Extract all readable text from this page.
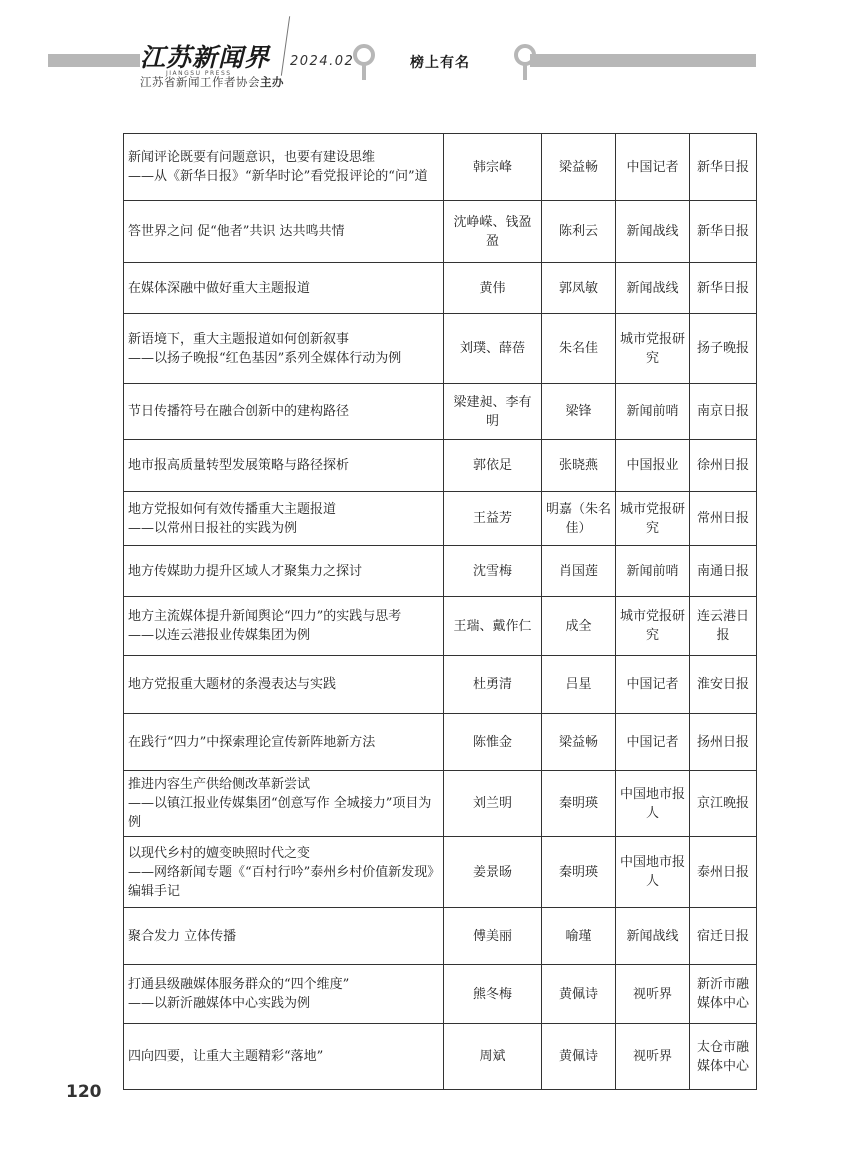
江苏新闻界
JIANGSU PRESS
江苏省新闻工作者协会主办
2024.02	榜上有名
新闻评论既要有问题意识，也要有建设思维
——从《新华日报》“新华时论”看党报评论的“问”道	韩宗峰	梁益畅	中国记者	新华日报

答世界之问 促“他者”共识 达共鸣共情	沈峥嵘、钱盈盈	陈利云	新闻战线	新华日报

在媒体深融中做好重大主题报道	黄伟	郭凤敏	新闻战线	新华日报

新语境下，重大主题报道如何创新叙事
——以扬子晚报“红色基因”系列全媒体行动为例	刘璞、薛蓓	朱名佳	城市党报研究	扬子晚报

节日传播符号在融合创新中的建构路径	梁建昶、李有明	梁锋	新闻前哨	南京日报

地市报高质量转型发展策略与路径探析	郭依足	张晓燕	中国报业	徐州日报

地方党报如何有效传播重大主题报道
——以常州日报社的实践为例	王益芳	明嘉（朱名佳）	城市党报研究	常州日报

地方传媒助力提升区域人才聚集力之探讨	沈雪梅	肖国莲	新闻前哨	南通日报

地方主流媒体提升新闻舆论“四力”的实践与思考
——以连云港报业传媒集团为例	王瑞、戴作仁	成全	城市党报研究	连云港日报

地方党报重大题材的条漫表达与实践	杜勇清	吕星	中国记者	淮安日报

在践行“四力”中探索理论宣传新阵地新方法	陈惟金	梁益畅	中国记者	扬州日报

推进内容生产供给侧改革新尝试
——以镇江报业传媒集团“创意写作 全城接力”项目为例	刘兰明	秦明瑛	中国地市报人	京江晚报

以现代乡村的嬗变映照时代之变
——网络新闻专题《“百村行吟”泰州乡村价值新发现》编辑手记	姜景旸	秦明瑛	中国地市报人	泰州日报

聚合发力 立体传播	傅美丽	喻瑾	新闻战线	宿迁日报

打通县级融媒体服务群众的“四个维度”
——以新沂融媒体中心实践为例	熊冬梅	黄佩诗	视听界	新沂市融媒体中心

四向四要，让重大主题精彩“落地”	周斌	黄佩诗	视听界	太仓市融媒体中心
120
